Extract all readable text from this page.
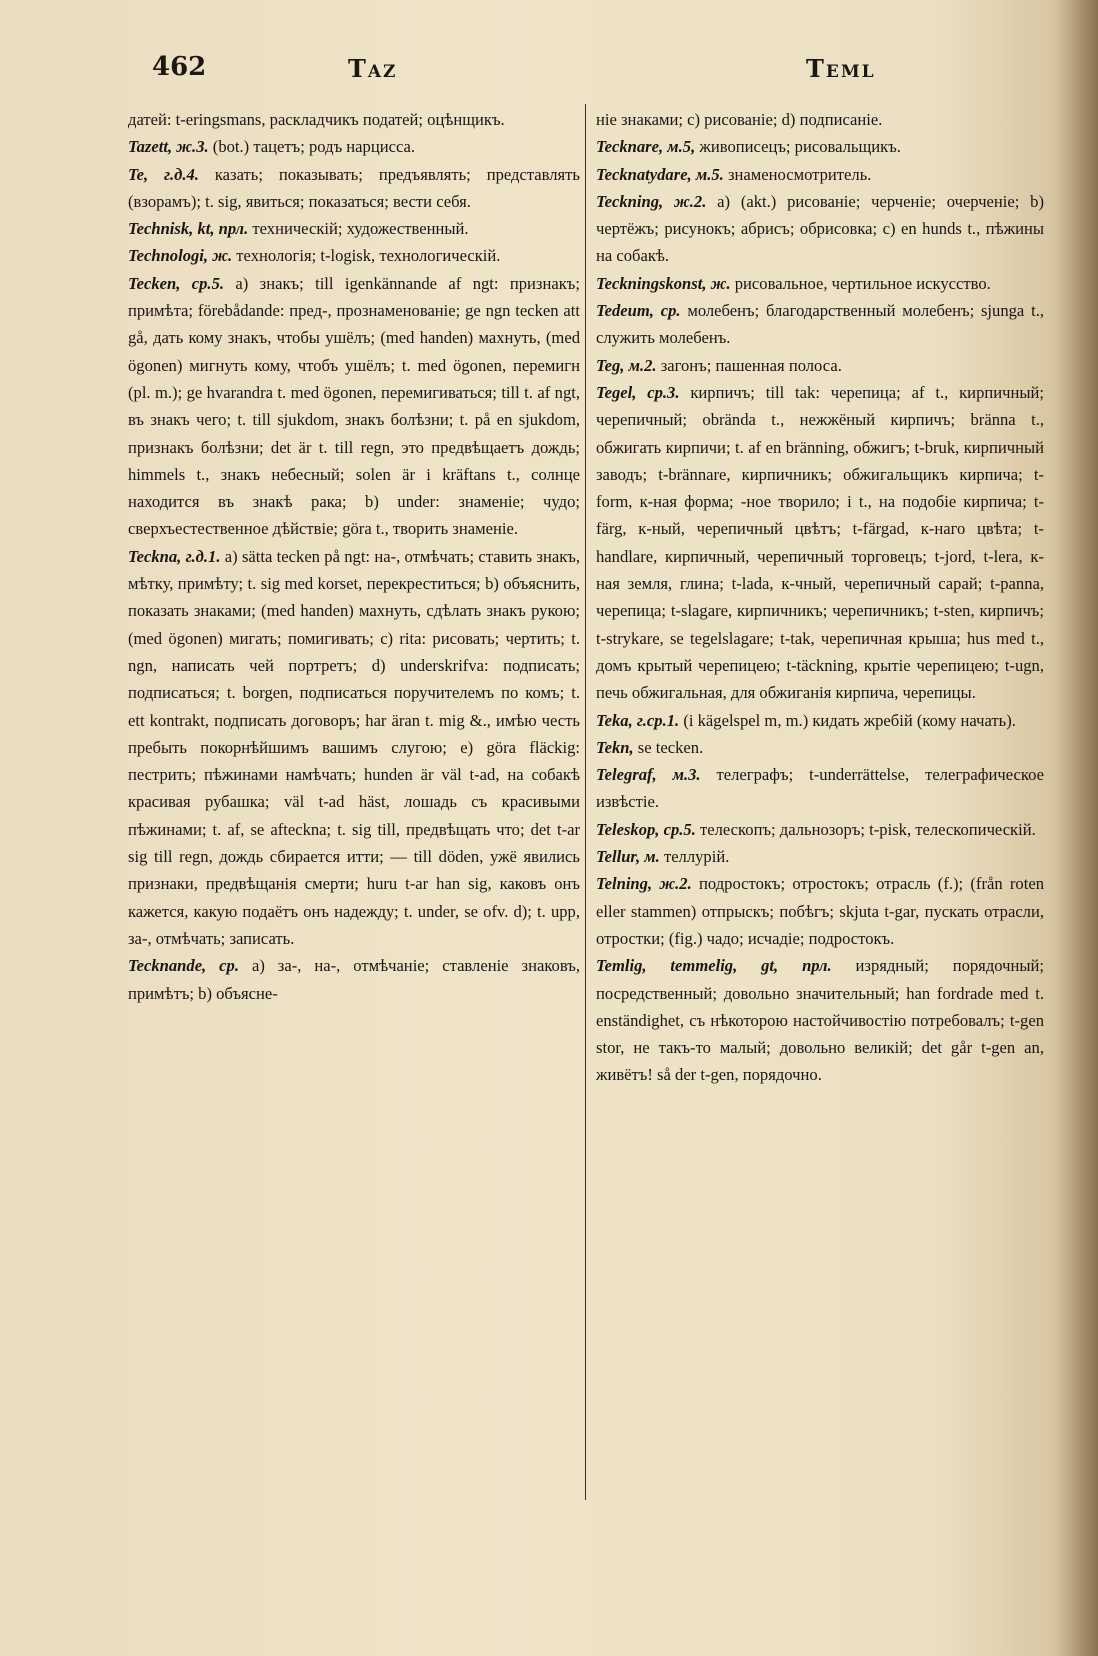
462	Taz	Teml

датей: t-eringsmans, раскладчикъ податей; оцѣнщикъ.

Tazett, ж.3. (bot.) тацетъ; родъ нарцисса.

Te, г.д.4. казать; показывать; предъявлять; представлять (взорамъ); t. sig, явиться; показаться; вести себя.

Technisk, kt, прл. техническій; художественный.

Technologi, ж. технологія; t-logisk, технологическій.

Tecken, ср.5. а) знакъ; till igenkännande af ngt: признакъ; примѣта; förebådande: пред-, прознаменованіе; ge ngn tecken att gå, дать кому знакъ, чтобы ушёлъ; (med handen) махнуть, (med ögonen) мигнуть кому, чтобъ ушёлъ; t. med ögonen, перемигн (pl. m.); ge hvarandra t. med ögonen, перемигиваться; till t. af ngt, въ знакъ чего; t. till sjukdom, знакъ болѣзни; t. på en sjukdom, признакъ болѣзни; det är t. till regn, это предвѣщаетъ дождь; himmels t., знакъ небесный; solen är i kräftans t., солнце находится въ знакѣ рака; b) under: знаменіе; чудо; сверхъестественное дѣйствіе; göra t., творить знаменіе.

Teckna, г.д.1. а) sätta tecken på ngt: на-, отмѣчать; ставить знакъ, мѣтку, примѣту; t. sig med korset, перекреститься; b) объяснить, показать знаками; (med handen) махнуть, сдѣлать знакъ рукою; (med ögonen) мигать; помигивать; c) rita: рисовать; чертить; t. ngn, написать чей портретъ; d) underskrifva: подписать; подписаться; t. borgen, подписаться поручителемъ по комъ; t. ett kontrakt, подписать договоръ; har äran t. mig &., имѣю честь пребыть покорнѣйшимъ вашимъ слугою; e) göra fläckig: пестрить; пѣжинами намѣчать; hunden är väl t-ad, на собакѣ красивая рубашка; väl t-ad häst, лошадь съ красивыми пѣжинами; t. af, se afteckna; t. sig till, предвѣщать что; det t-ar sig till regn, дождь сбирается итти; — till döden, ужё явились признаки, предвѣщанія смерти; huru t-ar han sig, каковъ онъ кажется, какую подаётъ онъ надежду; t. under, se ofv. d); t. upp, за-, отмѣчать; записать.

Tecknande, ср. а) за-, на-, отмѣчаніе; ставленіе знаковъ, примѣтъ; b) объясне-

ніе знаками; c) рисованіе; d) подписаніе.

Tecknare, м.5, живописецъ; рисовальщикъ.

Tecknatydare, м.5. знаменосмотритель.

Teckning, ж.2. а) (akt.) рисованіе; черченіе; очерченіе; b) чертёжъ; рисунокъ; абрисъ; обрисовка; c) en hunds t., пѣжины на собакѣ.

Teckningskonst, ж. рисовальное, чертильное искусство.

Tedeum, ср. молебенъ; благодарственный молебенъ; sjunga t., служить молебенъ.

Teg, м.2. загонъ; пашенная полоса.

Tegel, ср.3. кирпичъ; till tak: черепица; af t., кирпичный; черепичный; obrända t., нежжёный кирпичъ; bränna t., обжигать кирпичи; t. af en bränning, обжигъ; t-bruk, кирпичный заводъ; t-brännare, кирпичникъ; обжигальщикъ кирпича; t-form, к-ная форма; -ное творило; i t., на подобіе кирпича; t-färg, к-ный, черепичный цвѣтъ; t-färgad, к-наго цвѣта; t-handlare, кирпичный, черепичный торговецъ; t-jord, t-lera, к-ная земля, глина; t-lada, к-чный, черепичный сарай; t-panna, черепица; t-slagare, кирпичникъ; черепичникъ; t-sten, кирпичъ; t-strykare, se tegelslagare; t-tak, черепичная крыша; hus med t., домъ крытый черепицею; t-täckning, крытіе черепицею; t-ugn, печь обжигальная, для обжиганія кирпича, черепицы.

Teka, г.ср.1. (i kägelspel m, m.) кидать жребій (кому начать).

Tekn, se tecken.

Telegraf, м.3. телеграфъ; t-underrättelse, телеграфическое извѣстіе.

Teleskop, ср.5. телескопъ; дальнозоръ; t-pisk, телескопическій.

Tellur, м. теллурій.

Telning, ж.2. подростокъ; отростокъ; отрасль (f.); (från roten eller stammen) отпрыскъ; побѣгъ; skjuta t-gar, пускать отрасли, отростки; (fig.) чадо; исчадіе; подростокъ.

Temlig, temmelig, gt, прл. изрядный; порядочный; посредственный; довольно значительный; han fordrade med t. enständighet, съ нѣкоторою настойчивостію потребовалъ; t-gen stor, не такъ-то малый; довольно великій; det går t-gen an, живётъ! så der t-gen, порядочно.
